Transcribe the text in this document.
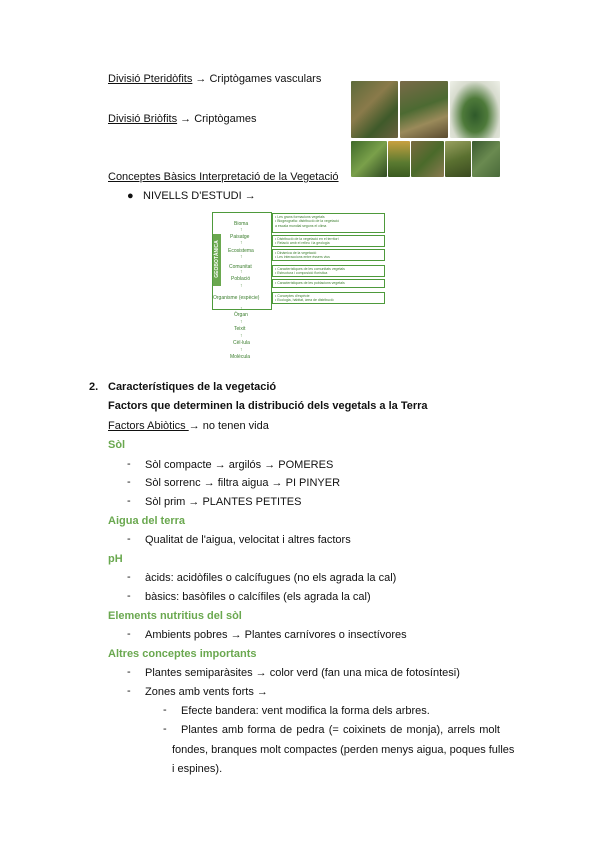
Divisió Pteridòfits → Criptògames vasculars
Divisió Briòfits → Criptògames
Conceptes Bàsics Interpretació de la Vegetació
● NIVELLS D'ESTUDI →
GEOBOTÀNICA
Bioma
↑
Paisatge
↑
Ecosistema
↑
Comunitat
↑
Població
↑
Organisme (espècie)
↑
Òrgan
↑
Teixit
↑
Cèl·lula
↑
Molècula
• Les grans formacions vegetals
• Biogeografia: distribució de la vegetació
a escala mundial segons el clima
• Distribució de la vegetació en el territori
• Relació amb el relleu i la geologia
• Dinàmica de la vegetació
• Les interaccions entre éssers vius
• Característiques de les comunitats vegetals
• Estructura i composició florística
• Característiques de les poblacions vegetals
• Conceptes d'espècie
• Ecologia, hàbitat, àrea de distribució
2. Característiques de la vegetació
Factors que determinen la distribució dels vegetals a la Terra
Factors Abiòtics → no tenen vida
Sòl
- Sòl compacte → argilós → POMERES
- Sòl sorrenc → filtra aigua → PI PINYER
- Sòl prim → PLANTES PETITES
Aigua del terra
- Qualitat de l'aigua, velocitat i altres factors
pH
- àcids: acidòfiles o calcífugues (no els agrada la cal)
- bàsics: basòfiles o calcífiles (els agrada la cal)
Elements nutritius del sòl
- Ambients pobres → Plantes carnívores o insectívores
Altres conceptes importants
- Plantes semiparàsites → color verd (fan una mica de fotosíntesi)
- Zones amb vents forts →
- Efecte bandera: vent modifica la forma dels arbres.
- Plantes amb forma de pedra (= coixinets de monja), arrels molt
fondes, branques molt compactes (perden menys aigua, poques fulles
i espines).
